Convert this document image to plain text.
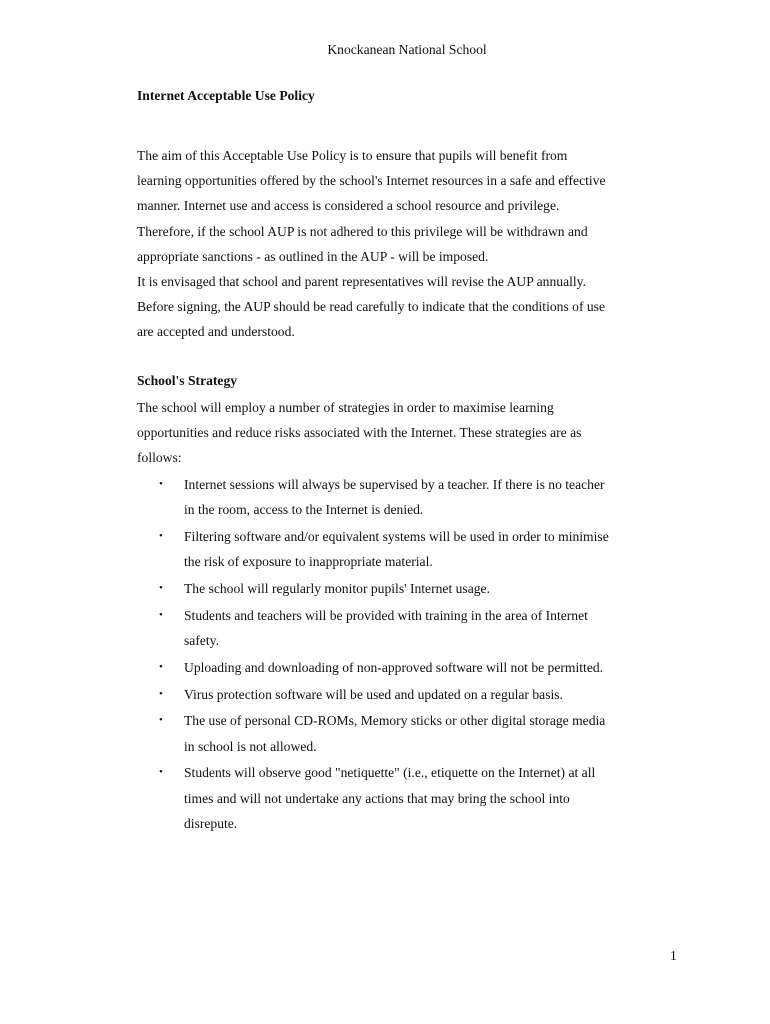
Knockanean National School
Internet Acceptable Use Policy

The aim of this Acceptable Use Policy is to ensure that pupils will benefit from
learning opportunities offered by the school's Internet resources in a safe and effective
manner. Internet use and access is considered a school resource and privilege.
Therefore, if the school AUP is not adhered to this privilege will be withdrawn and
appropriate sanctions - as outlined in the AUP - will be imposed.
It is envisaged that school and parent representatives will revise the AUP annually.
Before signing, the AUP should be read carefully to indicate that the conditions of use
are accepted and understood.

School's Strategy

The school will employ a number of strategies in order to maximise learning
opportunities and reduce risks associated with the Internet. These strategies are as
follows:

• Internet sessions will always be supervised by a teacher. If there is no teacher
in the room, access to the Internet is denied.
• Filtering software and/or equivalent systems will be used in order to minimise
the risk of exposure to inappropriate material.
• The school will regularly monitor pupils' Internet usage.
• Students and teachers will be provided with training in the area of Internet
safety.
• Uploading and downloading of non-approved software will not be permitted.
• Virus protection software will be used and updated on a regular basis.
• The use of personal CD-ROMs, Memory sticks or other digital storage media
in school is not allowed.
• Students will observe good "netiquette" (i.e., etiquette on the Internet) at all
times and will not undertake any actions that may bring the school into
disrepute.
1
